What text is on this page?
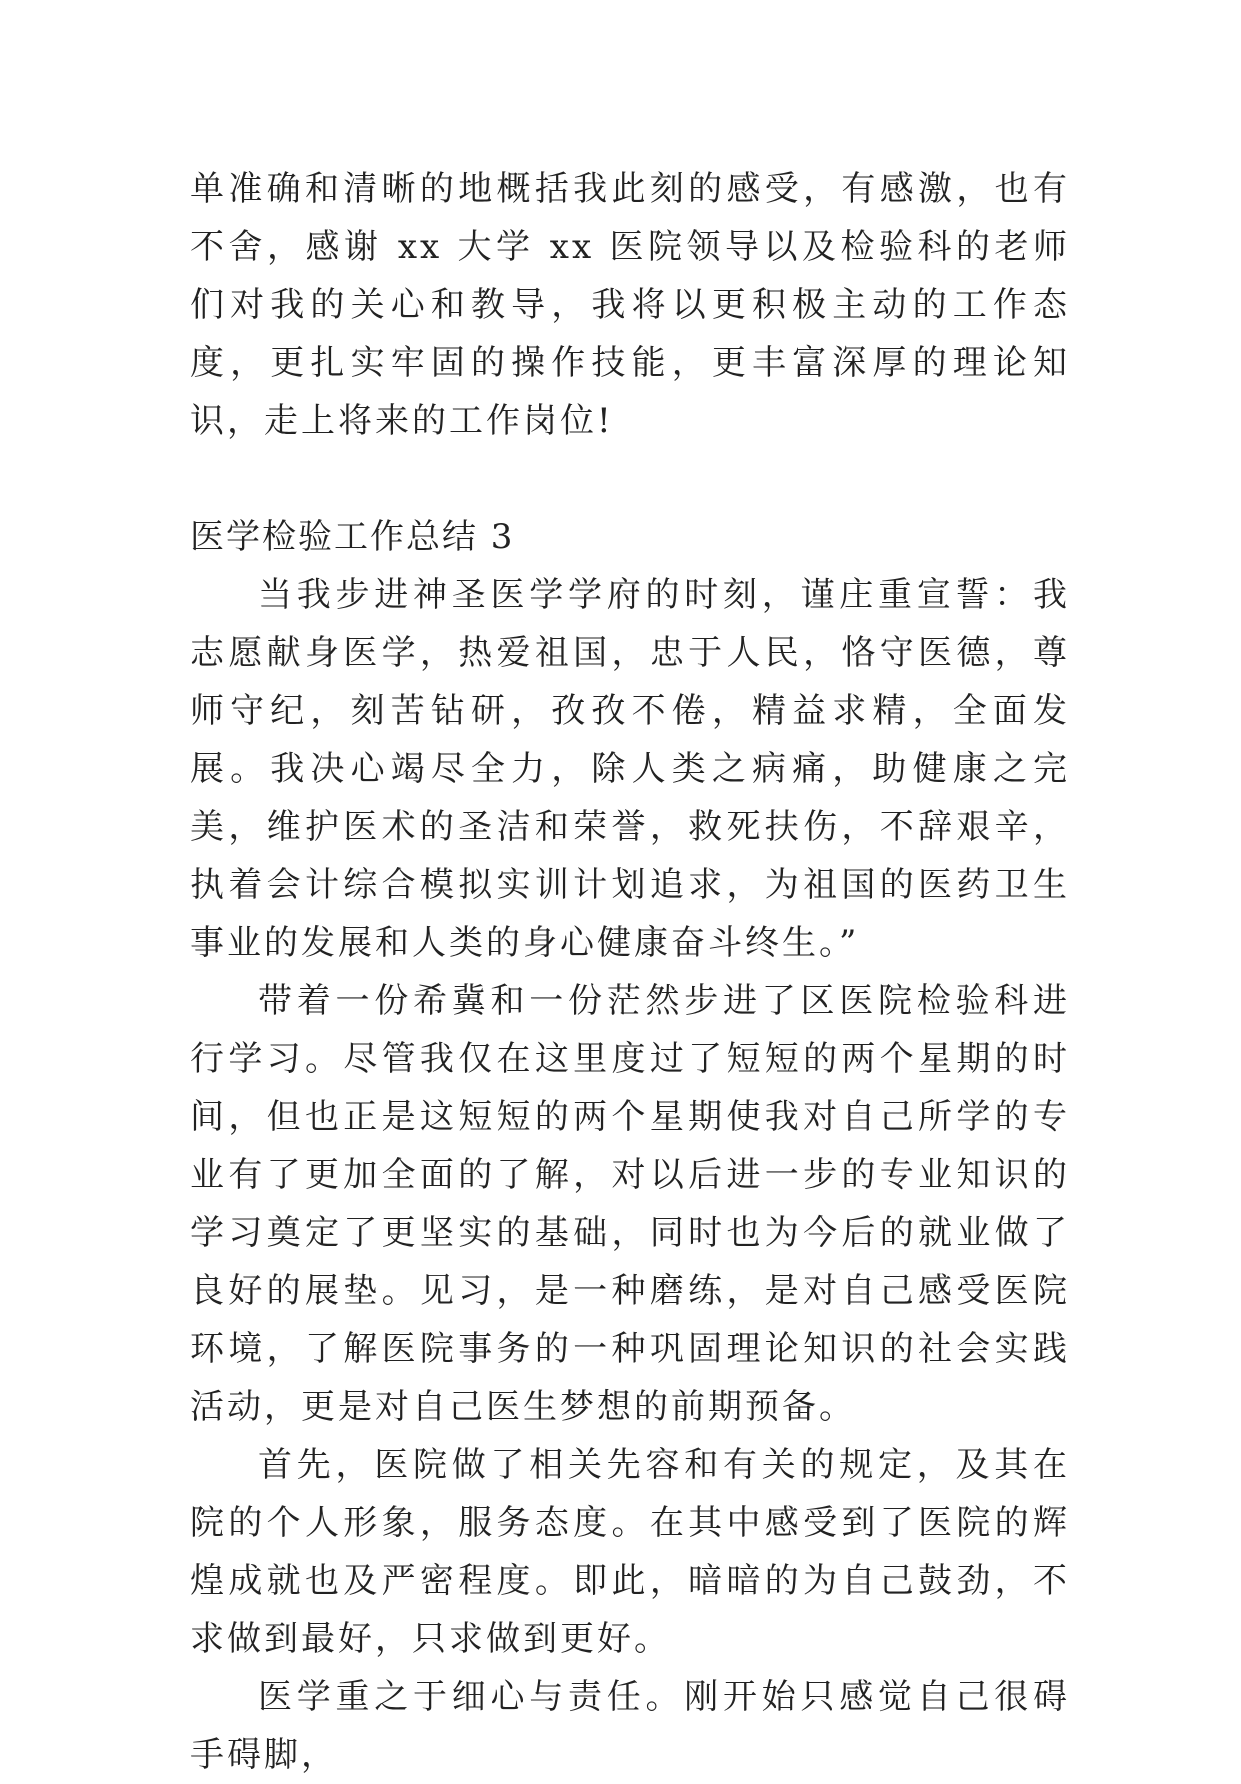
单准确和清晰的地概括我此刻的感受，有感激，也有不舍，感谢 xx 大学 xx 医院领导以及检验科的老师们对我的关心和教导，我将以更积极主动的工作态度，更扎实牢固的操作技能，更丰富深厚的理论知识，走上将来的工作岗位!

医学检验工作总结 3

当我步进神圣医学学府的时刻，谨庄重宣誓：我志愿献身医学，热爱祖国，忠于人民，恪守医德，尊师守纪，刻苦钻研，孜孜不倦，精益求精，全面发展。我决心竭尽全力，除人类之病痛，助健康之完美，维护医术的圣洁和荣誉，救死扶伤，不辞艰辛，执着会计综合模拟实训计划追求，为祖国的医药卫生事业的发展和人类的身心健康奋斗终生。”

带着一份希冀和一份茫然步进了区医院检验科进行学习。尽管我仅在这里度过了短短的两个星期的时间，但也正是这短短的两个星期使我对自己所学的专业有了更加全面的了解，对以后进一步的专业知识的学习奠定了更坚实的基础，同时也为今后的就业做了良好的展垫。见习，是一种磨练，是对自己感受医院环境，了解医院事务的一种巩固理论知识的社会实践活动，更是对自己医生梦想的前期预备。

首先，医院做了相关先容和有关的规定，及其在院的个人形象，服务态度。在其中感受到了医院的辉煌成就也及严密程度。即此，暗暗的为自己鼓劲，不求做到最好，只求做到更好。

医学重之于细心与责任。刚开始只感觉自己很碍手碍脚，
